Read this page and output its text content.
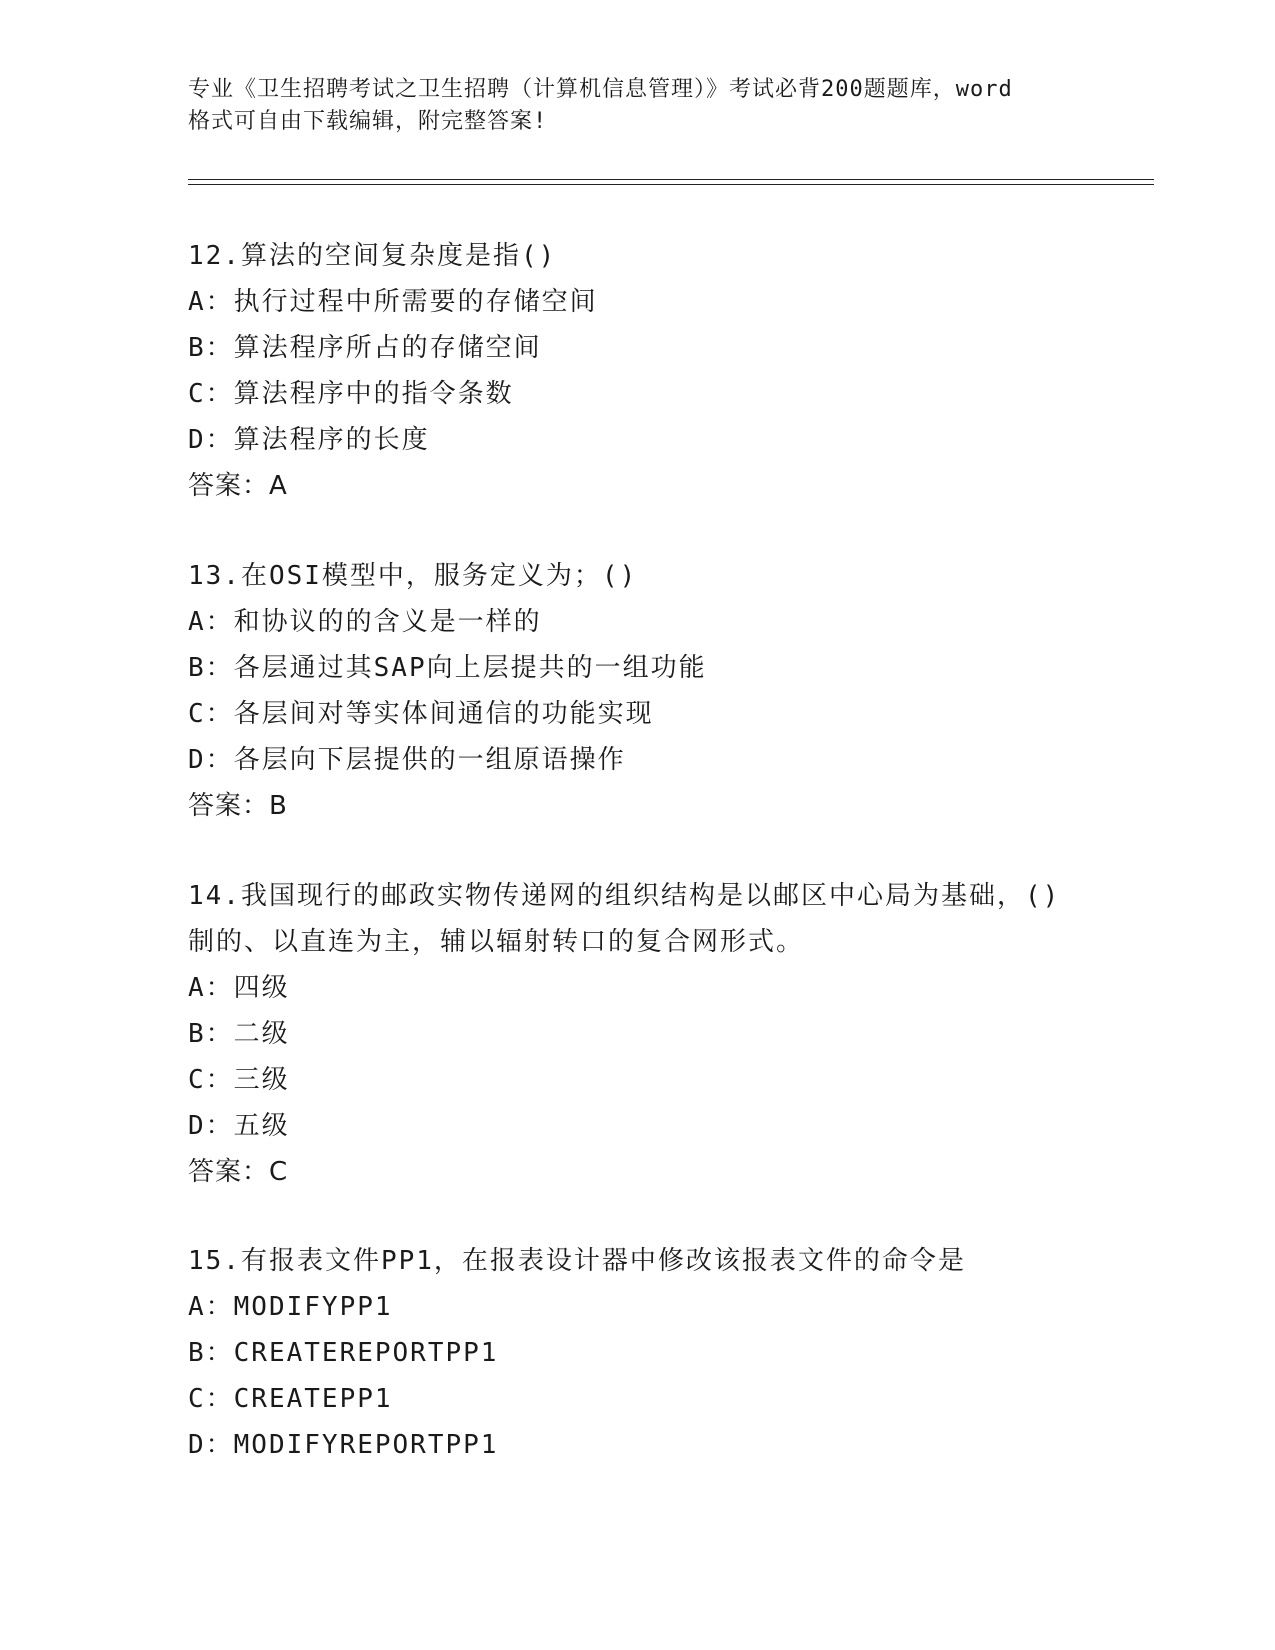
专业《卫生招聘考试之卫生招聘（计算机信息管理）》考试必背200题题库，word
格式可自由下载编辑，附完整答案!
12.算法的空间复杂度是指()
A：执行过程中所需要的存储空间
B：算法程序所占的存储空间
C：算法程序中的指令条数
D：算法程序的长度
答案：A
13.在OSI模型中，服务定义为；()
A：和协议的的含义是一样的
B：各层通过其SAP向上层提共的一组功能
C：各层间对等实体间通信的功能实现
D：各层向下层提供的一组原语操作
答案：B
14.我国现行的邮政实物传递网的组织结构是以邮区中心局为基础，()
制的、以直连为主，辅以辐射转口的复合网形式。
A：四级
B：二级
C：三级
D：五级
答案：C
15.有报表文件PP1，在报表设计器中修改该报表文件的命令是
A：MODIFYPP1
B：CREATEREPORTPP1
C：CREATEPP1
D：MODIFYREPORTPP1
